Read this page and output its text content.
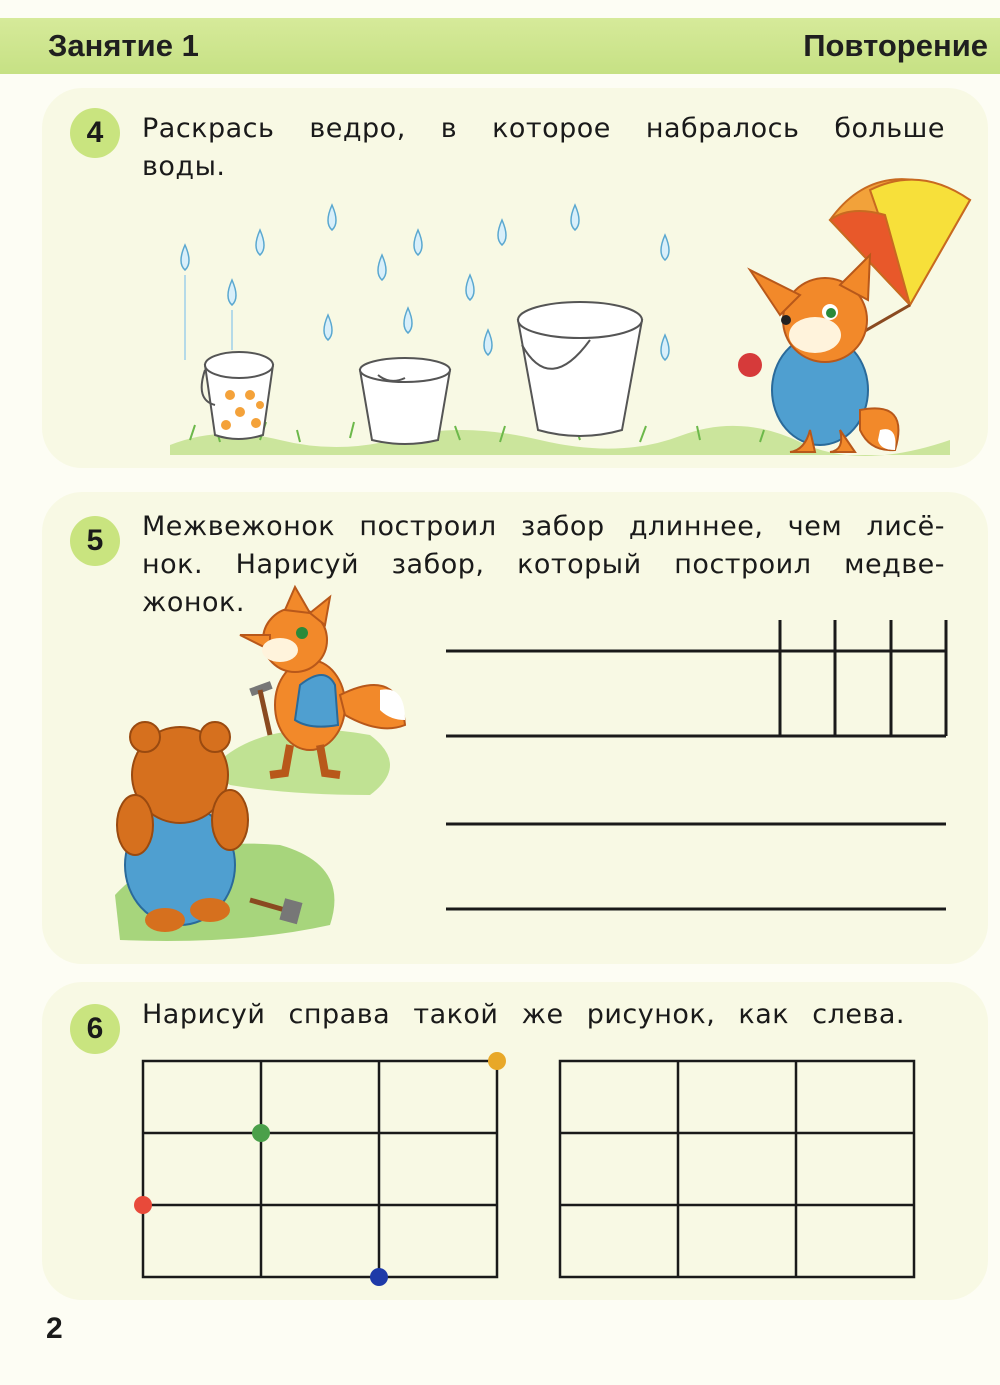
Занятие 1	Повторение
4	Раскрась ведро, в которое набралось больше
воды.
5	Межвежонок построил забор длиннее, чем лисё-
нок. Нарисуй забор, который построил медве-
жонок.
6	Нарисуй справа такой же рисунок, как слева.
2
